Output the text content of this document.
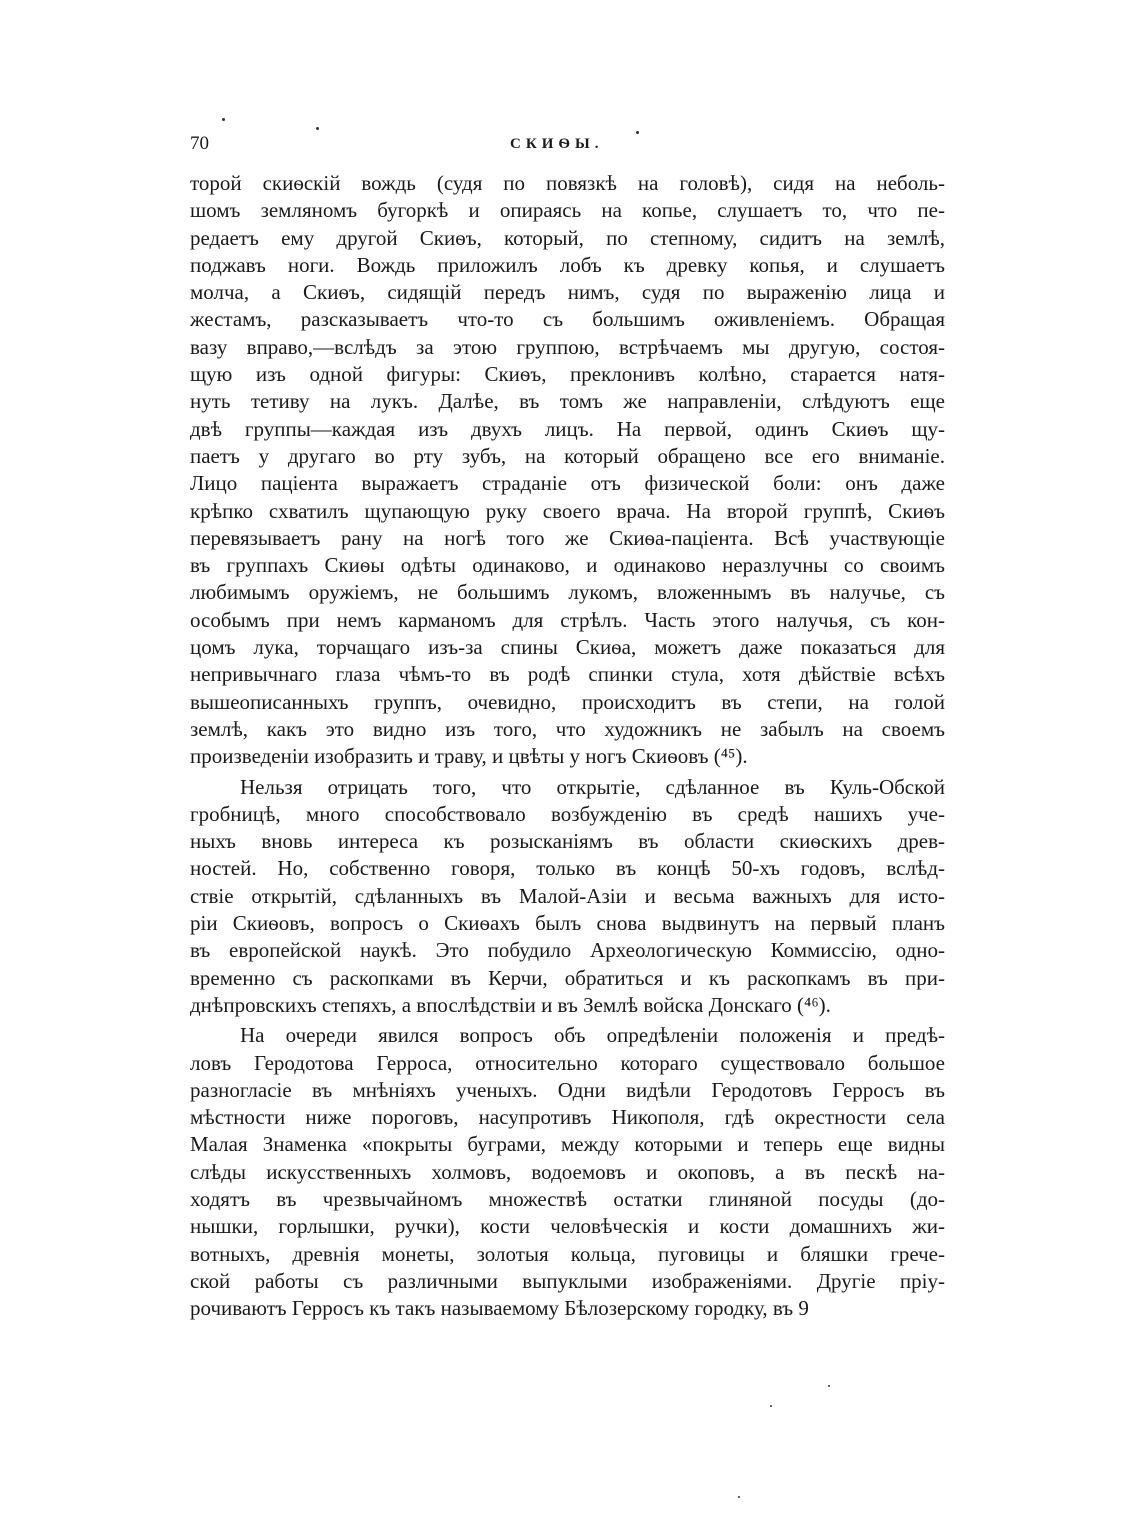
70	СКИѲЫ.
торой скиѳскій вождь (судя по повязкѣ на головѣ), сидя на неболь-
шомъ земляномъ бугоркѣ и опираясь на копье, слушаетъ то, что пе-
редаетъ ему другой Скиѳъ, который, по степному, сидитъ на землѣ,
поджавъ ноги. Вождь приложилъ лобъ къ древку копья, и слушаетъ
молча, а Скиѳъ, сидящій передъ нимъ, судя по выраженію лица и
жестамъ, разсказываетъ что-то съ большимъ оживленіемъ. Обращая
вазу вправо,—вслѣдъ за этою группою, встрѣчаемъ мы другую, состоя-
щую изъ одной фигуры: Скиѳъ, преклонивъ колѣно, старается натя-
нуть тетиву на лукъ. Далѣе, въ томъ же направленіи, слѣдуютъ еще
двѣ группы—каждая изъ двухъ лицъ. На первой, одинъ Скиѳъ щу-
паетъ у другаго во рту зубъ, на который обращено все его вниманіе.
Лицо паціента выражаетъ страданіе отъ физической боли: онъ даже
крѣпко схватилъ щупающую руку своего врача. На второй группѣ, Скиѳъ
перевязываетъ рану на ногѣ того же Скиѳа-паціента. Всѣ участвующіе
въ группахъ Скиѳы одѣты одинаково, и одинаково неразлучны со своимъ
любимымъ оружіемъ, не большимъ лукомъ, вложеннымъ въ налучье, съ
особымъ при немъ карманомъ для стрѣлъ. Часть этого налучья, съ кон-
цомъ лука, торчащаго изъ-за спины Скиѳа, можетъ даже показаться для
непривычнаго глаза чѣмъ-то въ родѣ спинки стула, хотя дѣйствіе всѣхъ
вышеописанныхъ группъ, очевидно, происходитъ въ степи, на голой
землѣ, какъ это видно изъ того, что художникъ не забылъ на своемъ
произведеніи изобразить и траву, и цвѣты у ногъ Скиѳовъ (⁴⁵).
Нельзя отрицать того, что открытіе, сдѣланное въ Куль-Обской
гробницѣ, много способствовало возбужденію въ средѣ нашихъ уче-
ныхъ вновь интереса къ розысканіямъ въ области скиѳскихъ древ-
ностей. Но, собственно говоря, только въ концѣ 50-хъ годовъ, вслѣд-
ствіе открытій, сдѣланныхъ въ Малой-Азіи и весьма важныхъ для исто-
ріи Скиѳовъ, вопросъ о Скиѳахъ былъ снова выдвинутъ на первый планъ
въ европейской наукѣ. Это побудило Археологическую Коммиссію, одно-
временно съ раскопками въ Керчи, обратиться и къ раскопкамъ въ при-
днѣпровскихъ степяхъ, а впослѣдствіи и въ Землѣ войска Донскаго (⁴⁶).
На очереди явился вопросъ объ опредѣленіи положенія и предѣ-
ловъ Геродотова Герроса, относительно котораго существовало большое
разногласіе въ мнѣніяхъ ученыхъ. Одни видѣли Геродотовъ Герросъ въ
мѣстности ниже пороговъ, насупротивъ Никополя, гдѣ окрестности села
Малая Знаменка «покрыты буграми, между которыми и теперь еще видны
слѣды искусственныхъ холмовъ, водоемовъ и окоповъ, а въ пескѣ на-
ходятъ въ чрезвычайномъ множествѣ остатки глиняной посуды (до-
нышки, горлышки, ручки), кости человѣческія и кости домашнихъ жи-
вотныхъ, древнія монеты, золотыя кольца, пуговицы и бляшки грече-
ской работы съ различными выпуклыми изображеніями. Другіе пріу-
рочиваютъ Герросъ къ такъ называемому Бѣлозерскому городку, въ 9
